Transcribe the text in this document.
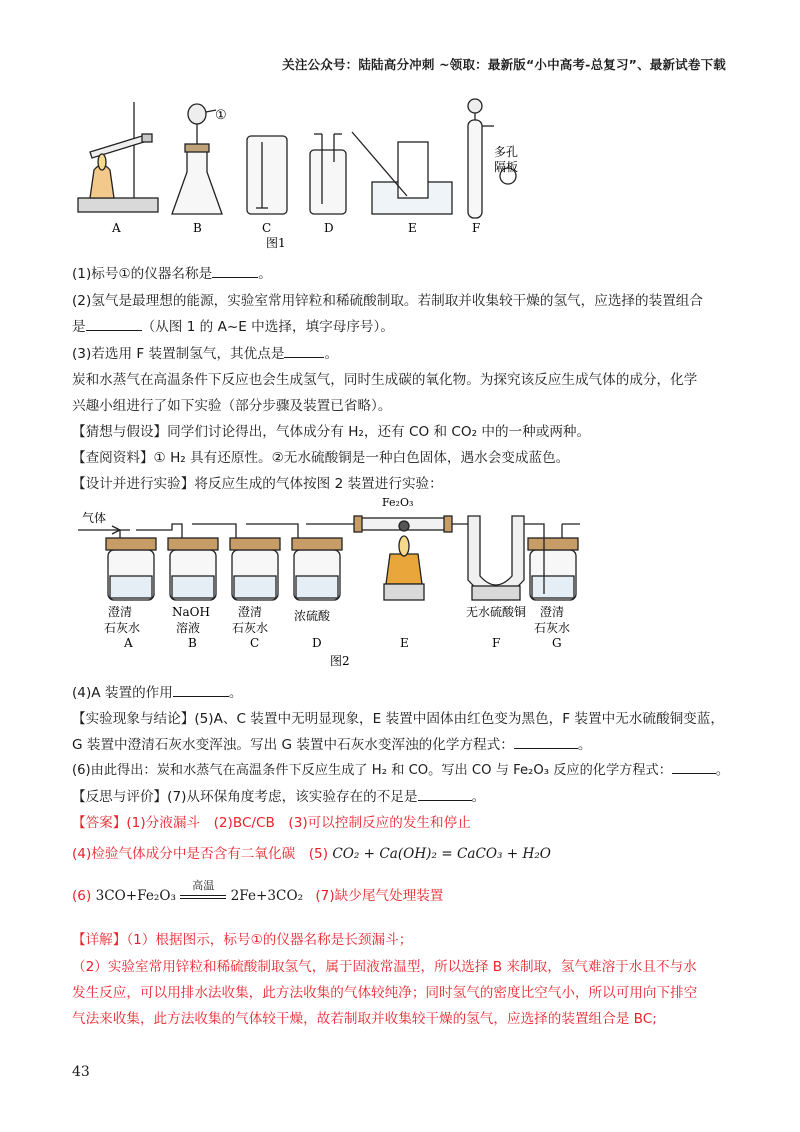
关注公众号：陆陆高分冲刺 ~领取：最新版“小中高考-总复习”、最新试卷下载
①
多孔
隔板
A	B	C	D	E	F
图1
(1)标号①的仪器名称是	。
(2)氢气是最理想的能源，实验室常用锌粒和稀硫酸制取。若制取并收集较干燥的氢气，应选择的装置组合
是	（从图 1 的 A~E 中选择，填字母序号）。
(3)若选用 F 装置制氢气，其优点是	。
炭和水蒸气在高温条件下反应也会生成氢气，同时生成碳的氧化物。为探究该反应生成气体的成分，化学
兴趣小组进行了如下实验（部分步骤及装置已省略）。
【猜想与假设】同学们讨论得出，气体成分有 H₂，还有 CO 和 CO₂ 中的一种或两种。
【查阅资料】① H₂ 具有还原性。②无水硫酸铜是一种白色固体，遇水会变成蓝色。
【设计并进行实验】将反应生成的气体按图 2 装置进行实验：
气体
Fe₂O₃
澄清
石灰水
A
NaOH
溶液
B
澄清
石灰水
C
浓硫酸
D	E
无水硫酸铜
F
澄清
石灰水
G
图2
(4)A 装置的作用	。
【实验现象与结论】(5)A、C 装置中无明显现象，E 装置中固体由红色变为黑色，F 装置中无水硫酸铜变蓝，
G 装置中澄清石灰水变浑浊。写出 G 装置中石灰水变浑浊的化学方程式：	。
(6)由此得出：炭和水蒸气在高温条件下反应生成了 H₂ 和 CO。写出 CO 与 Fe₂O₃ 反应的化学方程式：	。
【反思与评价】(7)从环保角度考虑，该实验存在的不足是	。
【答案】(1)分液漏斗　(2)BC/CB　(3)可以控制反应的发生和停止
(4)检验气体成分中是否含有二氧化碳　(5) CO₂ + Ca(OH)₂ = CaCO₃ + H₂O
(6) 3CO+Fe₂O₃
高温
2Fe+3CO₂ (7)缺少尾气处理装置
【详解】（1）根据图示，标号①的仪器名称是长颈漏斗；
（2）实验室常用锌粒和稀硫酸制取氢气，属于固液常温型，所以选择 B 来制取，氢气难溶于水且不与水
发生反应，可以用排水法收集，此方法收集的气体较纯净；同时氢气的密度比空气小，所以可用向下排空
气法来收集，此方法收集的气体较干燥，故若制取并收集较干燥的氢气，应选择的装置组合是 BC;
43
